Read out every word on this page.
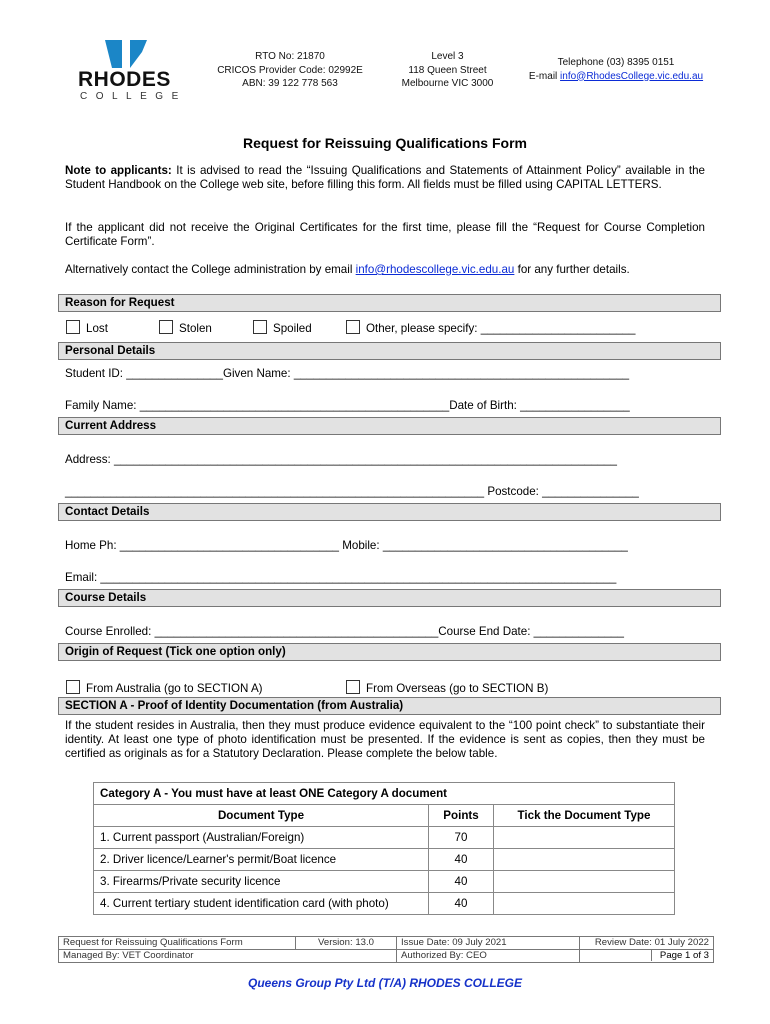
RHODES
COLLEGE
RTO No: 21870
CRICOS Provider Code: 02992E
ABN: 39 122 778 563
Level 3
118 Queen Street
Melbourne VIC 3000
Telephone (03) 8395 0151
E-mail info@RhodesCollege.vic.edu.au
Request for Reissuing Qualifications Form
Note to applicants: It is advised to read the “Issuing Qualifications and Statements of Attainment Policy” available in the Student Handbook on the College web site, before filling this form. All fields must be filled using CAPITAL LETTERS.
If the applicant did not receive the Original Certificates for the first time, please fill the “Request for Course Completion Certificate Form”.
Alternatively contact the College administration by email info@rhodescollege.vic.edu.au for any further details.
Reason for Request
Lost	Stolen	Spoiled	Other, please specify: ________________________
Personal Details
Student ID: _______________Given Name: ____________________________________________________
Family Name: ________________________________________________Date of Birth: _________________
Current Address
Address: ______________________________________________________________________________
_________________________________________________________________ Postcode: _______________
Contact Details
Home Ph: __________________________________ Mobile: ______________________________________
Email: ________________________________________________________________________________
Course Details
Course Enrolled: ____________________________________________Course End Date: ______________
Origin of Request (Tick one option only)
From Australia (go to SECTION A)	From Overseas (go to SECTION B)
SECTION A - Proof of Identity Documentation (from Australia)
If the student resides in Australia, then they must produce evidence equivalent to the “100 point check” to substantiate their identity. At least one type of photo identification must be presented. If the evidence is sent as copies, then they must be certified as originals as for a Statutory Declaration. Please complete the below table.
Category A - You must have at least ONE Category A document		
Document Type	Points	Tick the Document Type
1. Current passport (Australian/Foreign)	70	
2. Driver licence/Learner's permit/Boat licence	40	
3. Firearms/Private security licence	40	
4. Current tertiary student identification card (with photo)	40	
Request for Reissuing Qualifications Form	Version: 13.0	Issue Date: 09 July 2021	Review Date: 01 July 2022
Managed By: VET Coordinator		Authorized By: CEO	Page 1 of 3
Queens Group Pty Ltd (T/A) RHODES COLLEGE
